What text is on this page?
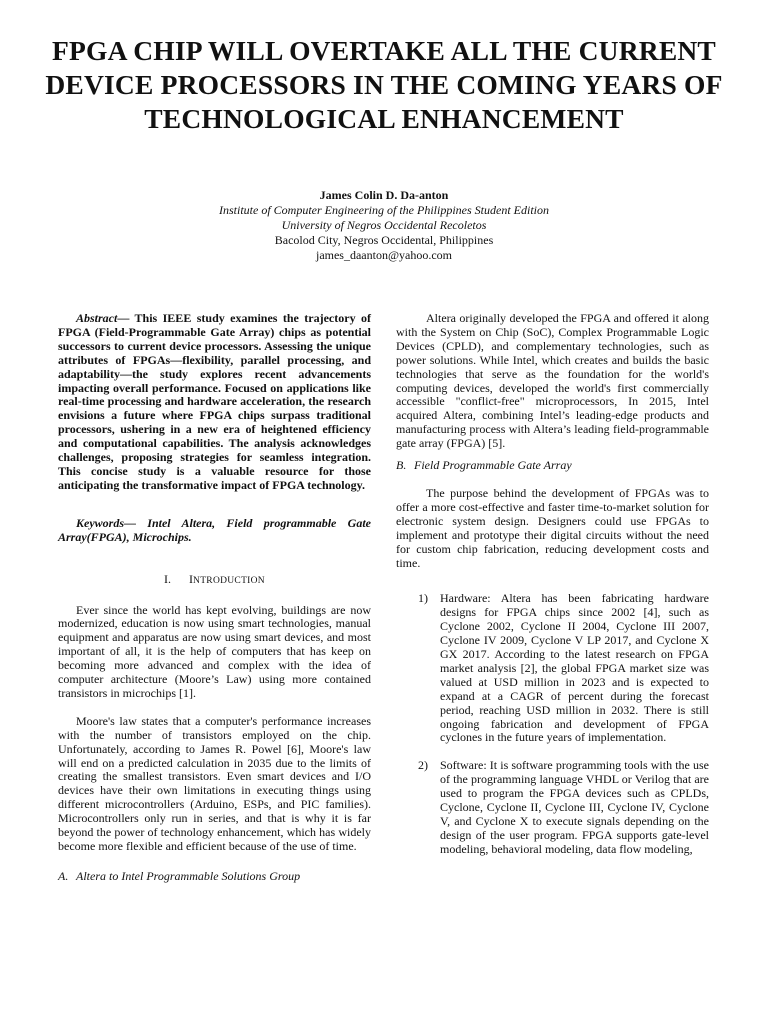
FPGA CHIP WILL OVERTAKE ALL THE CURRENT DEVICE PROCESSORS IN THE COMING YEARS OF TECHNOLOGICAL ENHANCEMENT
James Colin D. Da-anton
Institute of Computer Engineering of the Philippines Student Edition
University of Negros Occidental Recoletos
Bacolod City, Negros Occidental, Philippines
james_daanton@yahoo.com

Abstract— This IEEE study examines the trajectory of FPGA (Field-Programmable Gate Array) chips as potential successors to current device processors. Assessing the unique attributes of FPGAs—flexibility, parallel processing, and adaptability—the study explores recent advancements impacting overall performance. Focused on applications like real-time processing and hardware acceleration, the research envisions a future where FPGA chips surpass traditional processors, ushering in a new era of heightened efficiency and computational capabilities. The analysis acknowledges challenges, proposing strategies for seamless integration. This concise study is a valuable resource for those anticipating the transformative impact of FPGA technology.

Keywords— Intel Altera, Field programmable Gate Array(FPGA), Microchips.

I. INTRODUCTION

Ever since the world has kept evolving, buildings are now modernized, education is now using smart technologies, manual equipment and apparatus are now using smart devices, and most important of all, it is the help of computers that has keep on becoming more advanced and complex with the idea of computer architecture (Moore’s Law) using more contained transistors in microchips [1].

Moore's law states that a computer's performance increases with the number of transistors employed on the chip. Unfortunately, according to James R. Powel [6], Moore's law will end on a predicted calculation in 2035 due to the limits of creating the smallest transistors. Even smart devices and I/O devices have their own limitations in executing things using different microcontrollers (Arduino, ESPs, and PIC families). Microcontrollers only run in series, and that is why it is far beyond the power of technology enhancement, which has widely become more flexible and efficient because of the use of time.

A. Altera to Intel Programmable Solutions Group

Altera originally developed the FPGA and offered it along with the System on Chip (SoC), Complex Programmable Logic Devices (CPLD), and complementary technologies, such as power solutions. While Intel, which creates and builds the basic technologies that serve as the foundation for the world's computing devices, developed the world's first commercially accessible "conflict-free" microprocessors, In 2015, Intel acquired Altera, combining Intel’s leading-edge products and manufacturing process with Altera’s leading field-programmable gate array (FPGA) [5].

B. Field Programmable Gate Array

The purpose behind the development of FPGAs was to offer a more cost-effective and faster time-to-market solution for electronic system design. Designers could use FPGAs to implement and prototype their digital circuits without the need for custom chip fabrication, reducing development costs and time.

1) Hardware: Altera has been fabricating hardware designs for FPGA chips since 2002 [4], such as Cyclone 2002, Cyclone II 2004, Cyclone III 2007, Cyclone IV 2009, Cyclone V LP 2017, and Cyclone X GX 2017. According to the latest research on FPGA market analysis [2], the global FPGA market size was valued at USD million in 2023 and is expected to expand at a CAGR of percent during the forecast period, reaching USD million in 2032. There is still ongoing fabrication and development of FPGA cyclones in the future years of implementation.

2) Software: It is software programming tools with the use of the programming language VHDL or Verilog that are used to program the FPGA devices such as CPLDs, Cyclone, Cyclone II, Cyclone III, Cyclone IV, Cyclone V, and Cyclone X to execute signals depending on the design of the user program. FPGA supports gate-level modeling, behavioral modeling, data flow modeling,
